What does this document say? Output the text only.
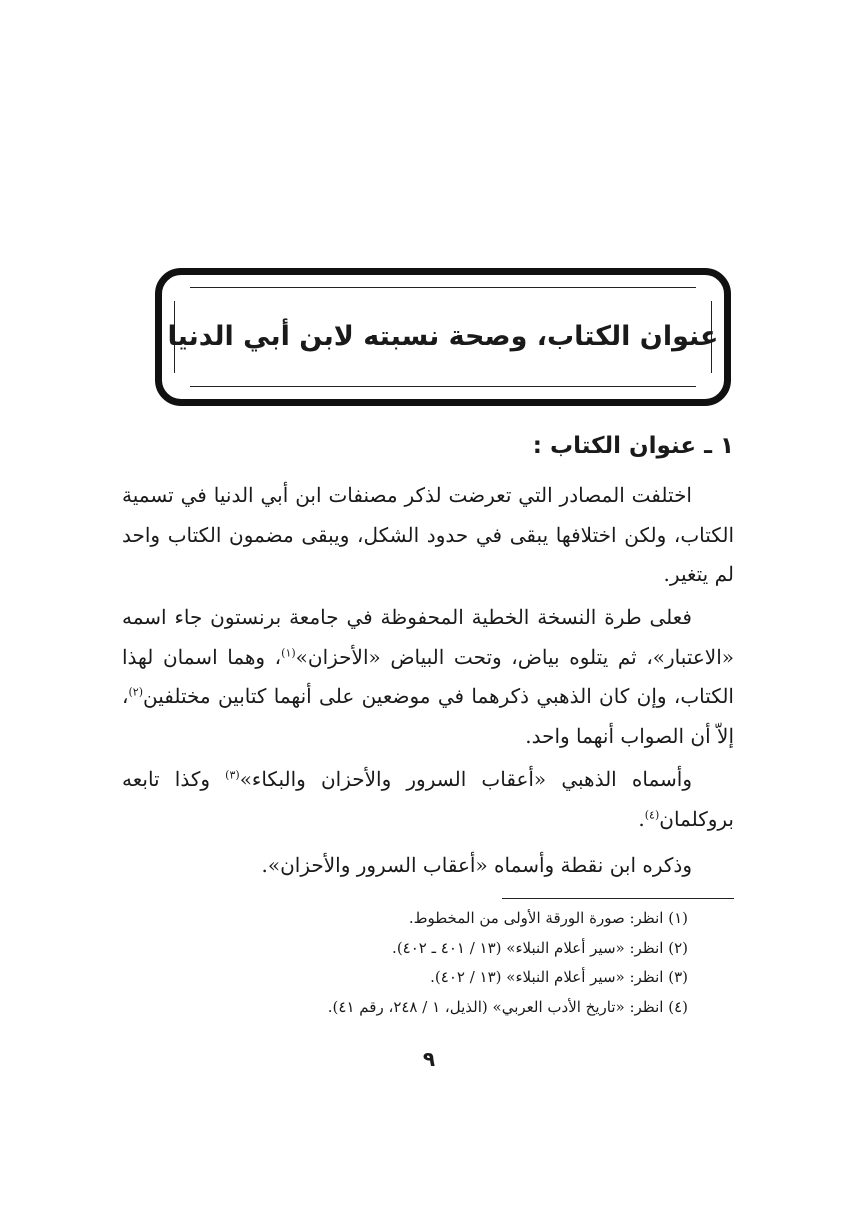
عنوان الكتاب، وصحة نسبته لابن أبي الدنيا
١ ـ عنوان الكتاب :
اختلفت المصادر التي تعرضت لذكر مصنفات ابن أبي الدنيا في تسمية
الكتاب، ولكن اختلافها يبقى في حدود الشكل، ويبقى مضمون الكتاب واحد
لم يتغير.
فعلى طرة النسخة الخطية المحفوظة في جامعة برنستون جاء اسمه
«الاعتبار»، ثم يتلوه بياض، وتحت البياض «الأحزان»$^{(١)}$، وهما اسمان لهذا
الكتاب، وإن كان الذهبي ذكرهما في موضعين على أنهما كتابين مختلفين$^{(٢)}$،
إلاّ أن الصواب أنهما واحد.
وأسماه الذهبي «أعقاب السرور والأحزان والبكاء»$^{(٣)}$ وكذا تابعه
بروكلمان$^{(٤)}$.
وذكره ابن نقطة وأسماه «أعقاب السرور والأحزان».
(١) انظر: صورة الورقة الأولى من المخطوط.
(٢) انظر: «سير أعلام النبلاء» (١٣ / ٤٠١ ـ ٤٠٢).
(٣) انظر: «سير أعلام النبلاء» (١٣ / ٤٠٢).
(٤) انظر: «تاريخ الأدب العربي» (الذيل، ١ / ٢٤٨، رقم ٤١).
٩
